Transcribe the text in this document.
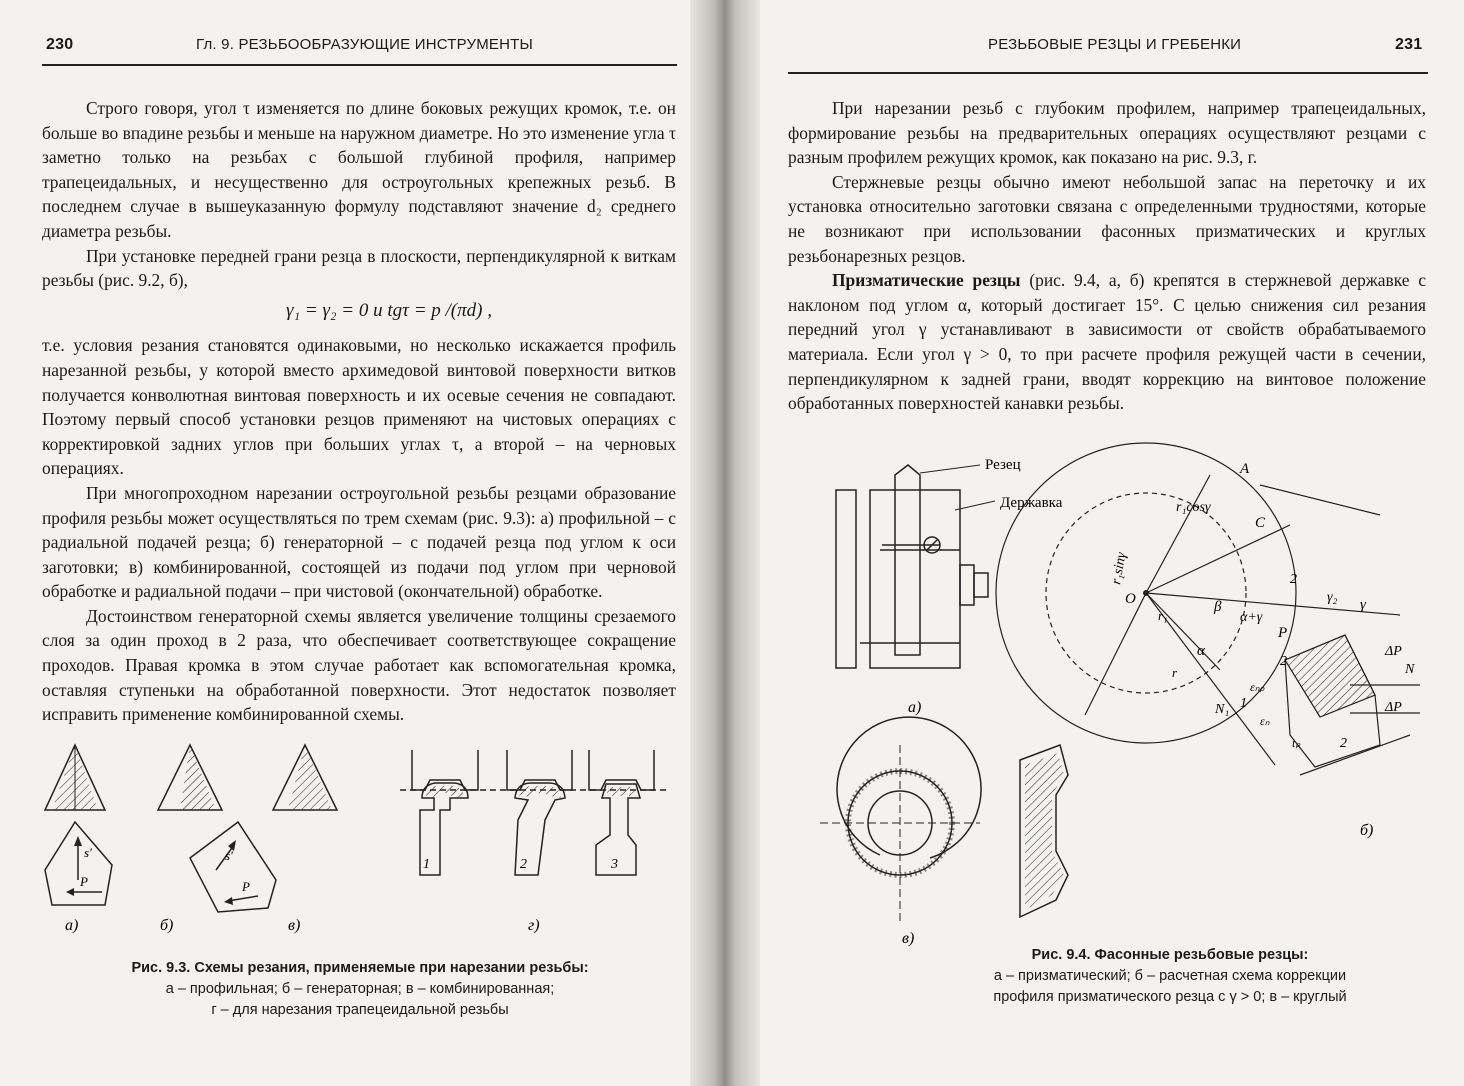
230	Гл. 9. РЕЗЬБООБРАЗУЮЩИЕ ИНСТРУМЕНТЫ

Строго говоря, угол τ изменяется по длине боковых режущих кромок, т.е. он больше во впадине резьбы и меньше на наружном диаметре. Но это изменение угла τ заметно только на резьбах с большой глубиной профиля, например трапецеидальных, и несущественно для остроугольных крепежных резьб. В последнем случае в вышеуказанную формулу подставляют значение d₂ среднего диаметра резьбы.

При установке передней грани резца в плоскости, перпендикулярной к виткам резьбы (рис. 9.2, б),

γ₁ = γ₂ = 0 и tgτ = p /(πd) ,

т.е. условия резания становятся одинаковыми, но несколько искажается профиль нарезанной резьбы, у которой вместо архимедовой винтовой поверхности витков получается конволютная винтовая поверхность и их осевые сечения не совпадают. Поэтому первый способ установки резцов применяют на чистовых операциях с корректировкой задних углов при больших углах τ, а второй – на черновых операциях.

При многопроходном нарезании остроугольной резьбы резцами образование профиля резьбы может осуществляться по трем схемам (рис. 9.3): а) профильной – с радиальной подачей резца; б) генераторной – с подачей резца под углом к оси заготовки; в) комбинированной, состоящей из подачи под углом при черновой обработке и радиальной подачи – при чистовой (окончательной) обработке.

Достоинством генераторной схемы является увеличение толщины срезаемого слоя за один проход в 2 раза, что обеспечивает соответствующее сокращение проходов. Правая кромка в этом случае работает как вспомогательная кромка, оставляя ступеньки на обработанной поверхности. Этот недостаток позволяет исправить применение комбинированной схемы.

s'
P
s'
P
1	2	3
а)	б)	в)	г)
Рис. 9.3. Схемы резания, применяемые при нарезании резьбы:
а – профильная; б – генераторная; в – комбинированная;
г – для нарезания трапецеидальной резьбы
РЕЗЬБОВЫЕ РЕЗЦЫ И ГРЕБЕНКИ	231

При нарезании резьб с глубоким профилем, например трапецеидальных, формирование резьбы на предварительных операциях осуществляют резцами с разным профилем режущих кромок, как показано на рис. 9.3, г.

Стержневые резцы обычно имеют небольшой запас на переточку и их установка относительно заготовки связана с определенными трудностями, которые не возникают при использовании фасонных призматических и круглых резьбонарезных резцов.

Призматические резцы (рис. 9.4, а, б) крепятся в стержневой державке с наклоном под углом α, который достигает 15°. С целью снижения сил резания передний угол γ устанавливают в зависимости от свойств обрабатываемого материала. Если угол γ > 0, то при расчете профиля режущей части в сечении, перпендикулярном к задней грани, вводят коррекцию на винтовое положение обработанных поверхностей канавки резьбы.

Резец
Державка
а)
O
A
C
r₁cosγ
r₁sinγ
β
α+γ
α
γ₂ γ
2
2
2
P
ΔP
N
ΔP
N₁ 1
r₁
r
εₙₚ
εₙ
tₚ
б)
в)
Рис. 9.4. Фасонные резьбовые резцы:
а – призматический; б – расчетная схема коррекции
профиля призматического резца с γ > 0; в – круглый
